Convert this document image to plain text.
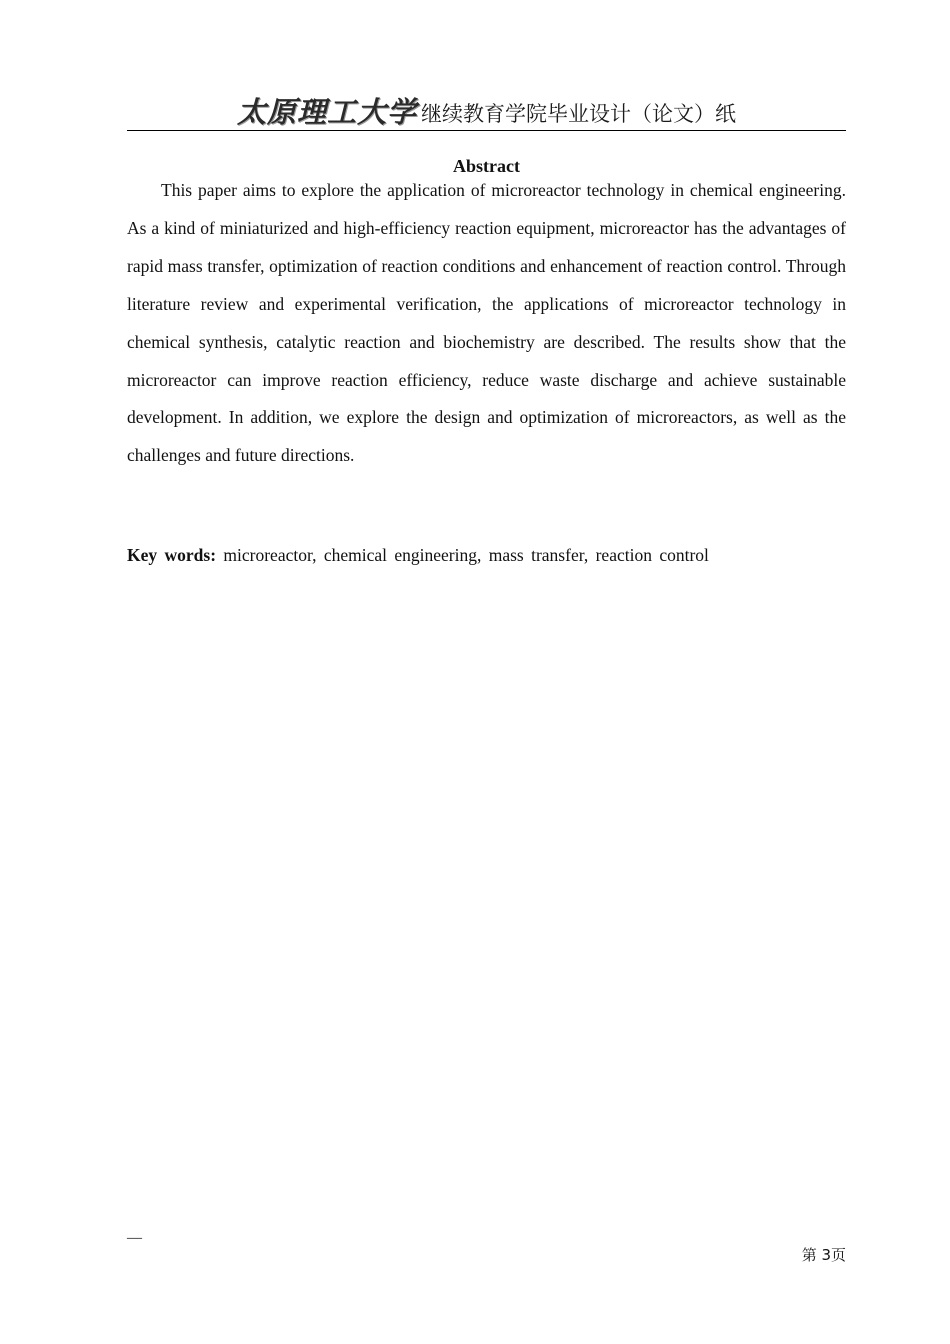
太原理工大学 继续教育学院毕业设计（论文）纸
Abstract

This paper aims to explore the application of microreactor technology in chemical engineering. As a kind of miniaturized and high-efficiency reaction equipment, microreactor has the advantages of rapid mass transfer, optimization of reaction conditions and enhancement of reaction control. Through literature review and experimental verification, the applications of microreactor technology in chemical synthesis, catalytic reaction and biochemistry are described. The results show that the microreactor can improve reaction efficiency, reduce waste discharge and achieve sustainable development. In addition, we explore the design and optimization of microreactors, as well as the challenges and future directions.

Key words: microreactor, chemical engineering, mass transfer, reaction control
—
第 3页
